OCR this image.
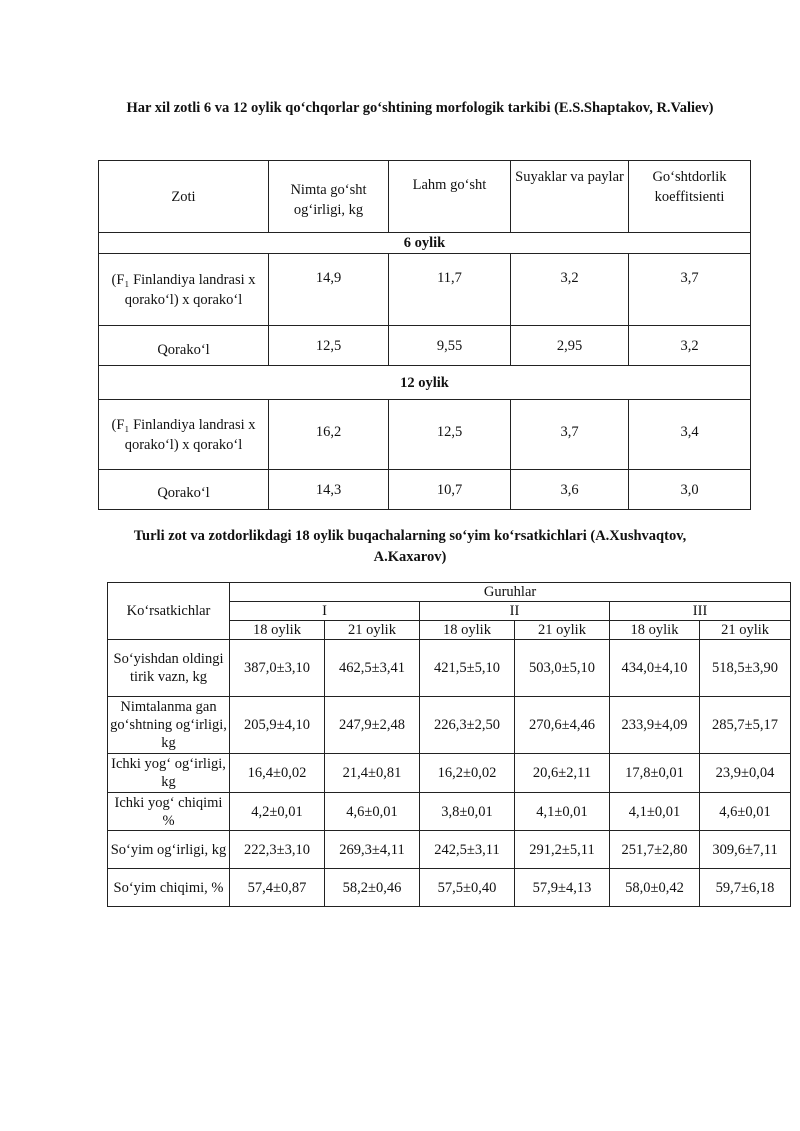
Har xil zotli 6 va 12 oylik qo‘chqorlar go‘shtining morfologik tarkibi (E.S.Shaptakov, R.Valiev)
Zoti	Nimta go‘sht og‘irligi, kg	Lahm go‘sht	Suyaklar va paylar	Go‘shtdorlik koeffitsienti
6 oylik				
(F₁ Finlandiya landrasi x qorako‘l) x qorako‘l	14,9	11,7	3,2	3,7
Qorako‘l	12,5	9,55	2,95	3,2
12 oylik				
(F₁ Finlandiya landrasi x qorako‘l) x qorako‘l	16,2	12,5	3,7	3,4
Qorako‘l	14,3	10,7	3,6	3,0
Turli zot va zotdorlikdagi 18 oylik buqachalarning so‘yim ko‘rsatkichlari (A.Xushvaqtov, A.Kaxarov)
Ko‘rsatkichlar	Guruhlar					
	I		II		III	
	18 oylik	21 oylik	18 oylik	21 oylik	18 oylik	21 oylik
So‘yishdan oldingi tirik vazn, kg	387,0±3,10	462,5±3,41	421,5±5,10	503,0±5,10	434,0±4,10	518,5±3,90
Nimtalanma gan go‘shtning og‘irligi, kg	205,9±4,10	247,9±2,48	226,3±2,50	270,6±4,46	233,9±4,09	285,7±5,17
Ichki yog‘ og‘irligi, kg	16,4±0,02	21,4±0,81	16,2±0,02	20,6±2,11	17,8±0,01	23,9±0,04
Ichki yog‘ chiqimi %	4,2±0,01	4,6±0,01	3,8±0,01	4,1±0,01	4,1±0,01	4,6±0,01
So‘yim og‘irligi, kg	222,3±3,10	269,3±4,11	242,5±3,11	291,2±5,11	251,7±2,80	309,6±7,11
So‘yim chiqimi, %	57,4±0,87	58,2±0,46	57,5±0,40	57,9±4,13	58,0±0,42	59,7±6,18
